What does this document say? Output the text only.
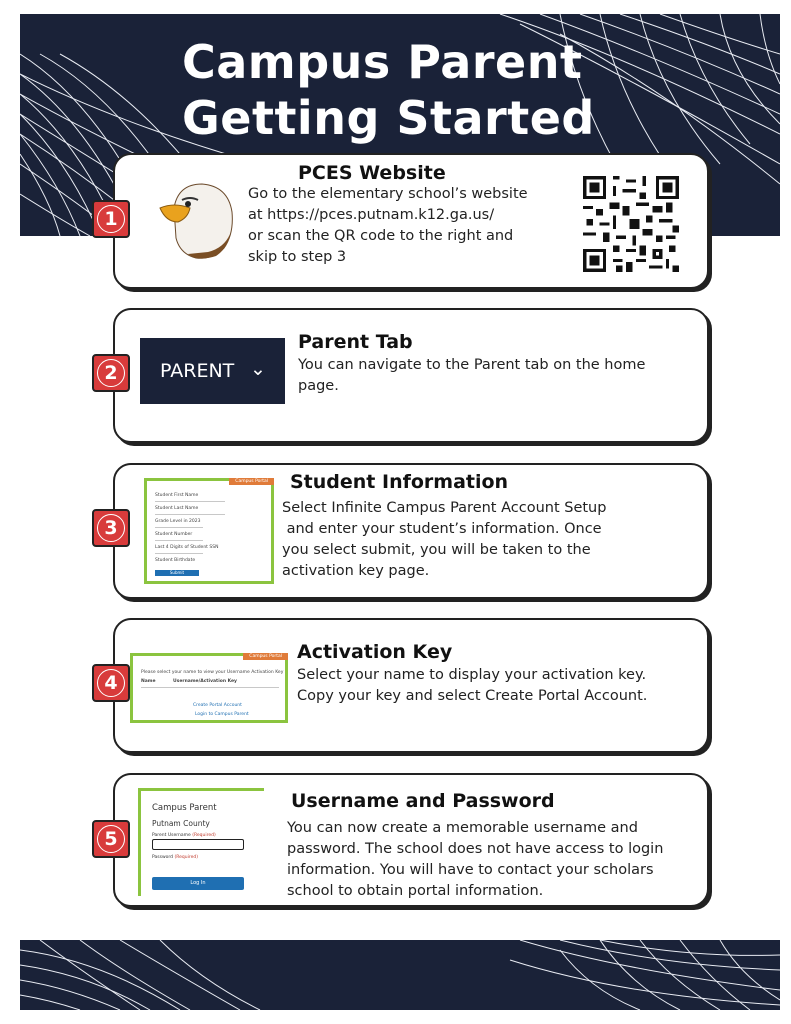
Campus Parent
Getting Started
1
PCES Website
Go to the elementary school’s website
at https://pces.putnam.k12.ga.us/
or scan the QR code to the right and
skip to step 3
2	PARENT ⌄
Parent Tab
You can navigate to the Parent tab on the home
page.
3
Campus Portal
Student First Name
Student Last Name
Grade Level in 2023
Student Number
Last 4 Digits of Student SSN
Student Birthdate
Submit
Student Information
Select Infinite Campus Parent Account Setup
and enter your student’s information. Once
you select submit, you will be taken to the
activation key page.
4
Campus Portal
Please select your name to view your Username Activation Key
Name	Username/Activation Key
Create Portal Account
Login to Campus Parent
Activation Key
Select your name to display your activation key.
Copy your key and select Create Portal Account.
5
Campus Parent
Putnam County
Parent Username (Required)
Password (Required)
Log In
Username and Password
You can now create a memorable username and
password. The school does not have access to login
information. You will have to contact your scholars
school to obtain portal information.
